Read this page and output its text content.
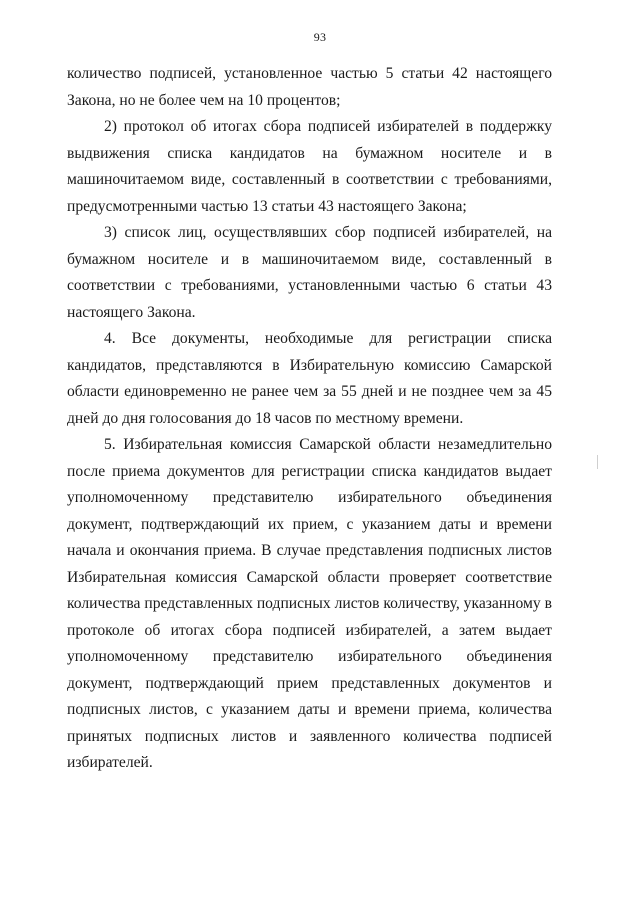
93

количество подписей, установленное частью 5 статьи 42 настоящего Закона, но не более чем на 10 процентов;

2) протокол об итогах сбора подписей избирателей в поддержку выдвижения списка кандидатов на бумажном носителе и в машиночитаемом виде, составленный в соответствии с требованиями, предусмотренными частью 13 статьи 43 настоящего Закона;

3) список лиц, осуществлявших сбор подписей избирателей, на бумажном носителе и в машиночитаемом виде, составленный в соответствии с требованиями, установленными частью 6 статьи 43 настоящего Закона.

4. Все документы, необходимые для регистрации списка кандидатов, представляются в Избирательную комиссию Самарской области единовременно не ранее чем за 55 дней и не позднее чем за 45 дней до дня голосования до 18 часов по местному времени.

5. Избирательная комиссия Самарской области незамедлительно после приема документов для регистрации списка кандидатов выдает уполномоченному представителю избирательного объединения документ, подтверждающий их прием, с указанием даты и времени начала и окончания приема. В случае представления подписных листов Избирательная комиссия Самарской области проверяет соответствие количества представленных подписных листов количеству, указанному в протоколе об итогах сбора подписей избирателей, а затем выдает уполномоченному представителю избирательного объединения документ, подтверждающий прием представленных документов и подписных листов, с указанием даты и времени приема, количества принятых подписных листов и заявленного количества подписей избирателей.
